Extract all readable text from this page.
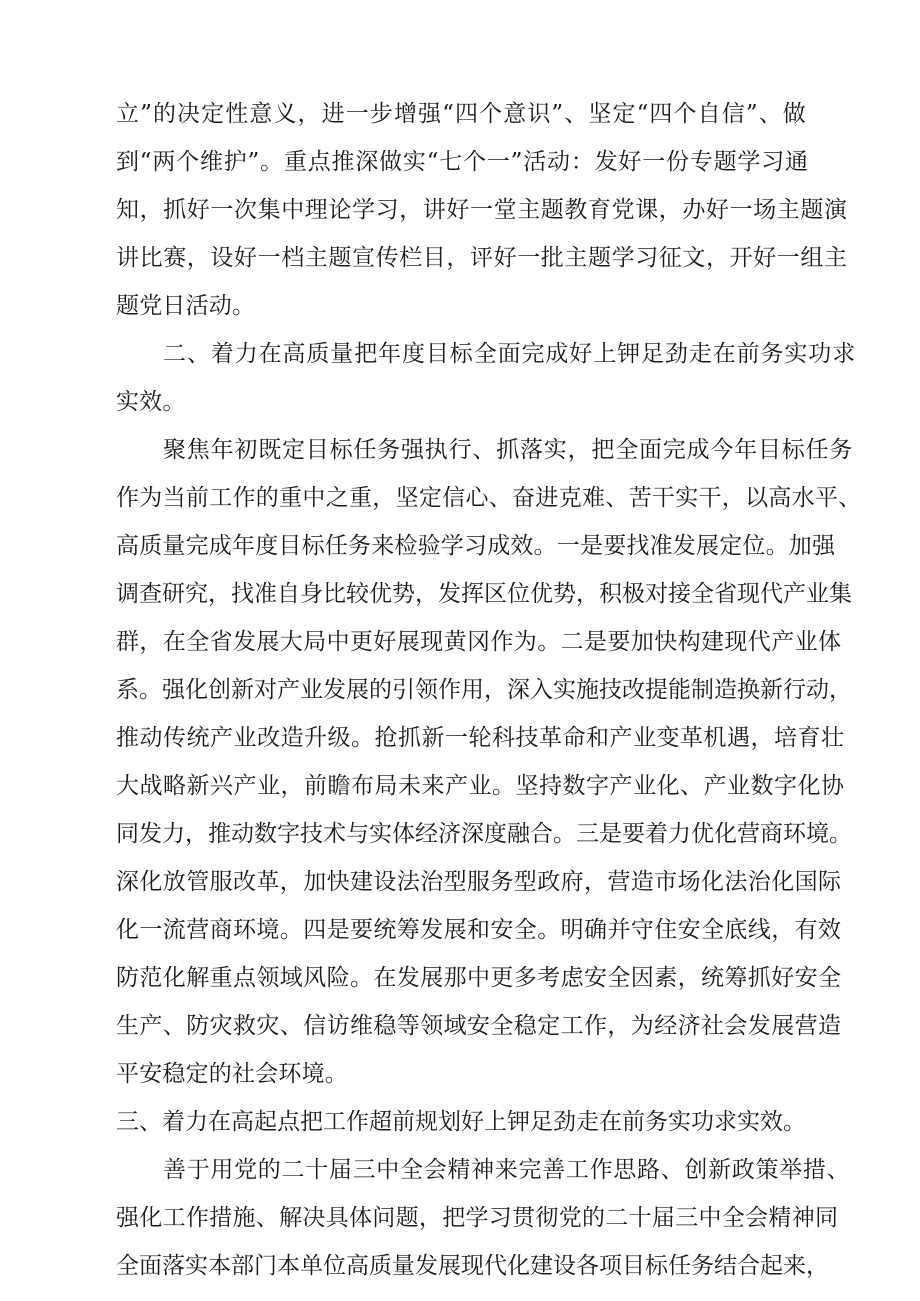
立”的决定性意义，进一步增强“四个意识”、坚定“四个自信”、做
到“两个维护”。重点推深做实“七个一”活动：发好一份专题学习通
知，抓好一次集中理论学习，讲好一堂主题教育党课，办好一场主题演
讲比赛，设好一档主题宣传栏目，评好一批主题学习征文，开好一组主
题党日活动。
二、着力在高质量把年度目标全面完成好上钾足劲走在前务实功求
实效。
聚焦年初既定目标任务强执行、抓落实，把全面完成今年目标任务
作为当前工作的重中之重，坚定信心、奋进克难、苦干实干，以高水平、
高质量完成年度目标任务来检验学习成效。一是要找准发展定位。加强
调查研究，找准自身比较优势，发挥区位优势，积极对接全省现代产业集
群，在全省发展大局中更好展现黄冈作为。二是要加快构建现代产业体
系。强化创新对产业发展的引领作用，深入实施技改提能制造换新行动，
推动传统产业改造升级。抢抓新一轮科技革命和产业变革机遇，培育壮
大战略新兴产业，前瞻布局未来产业。坚持数字产业化、产业数字化协
同发力，推动数字技术与实体经济深度融合。三是要着力优化营商环境。
深化放管服改革，加快建设法治型服务型政府，营造市场化法治化国际
化一流营商环境。四是要统筹发展和安全。明确并守住安全底线，有效
防范化解重点领域风险。在发展那中更多考虑安全因素，统筹抓好安全
生产、防灾救灾、信访维稳等领域安全稳定工作，为经济社会发展营造
平安稳定的社会环境。
三、着力在高起点把工作超前规划好上钾足劲走在前务实功求实效。
善于用党的二十届三中全会精神来完善工作思路、创新政策举措、
强化工作措施、解决具体问题，把学习贯彻党的二十届三中全会精神同
全面落实本部门本单位高质量发展现代化建设各项目标任务结合起来，
